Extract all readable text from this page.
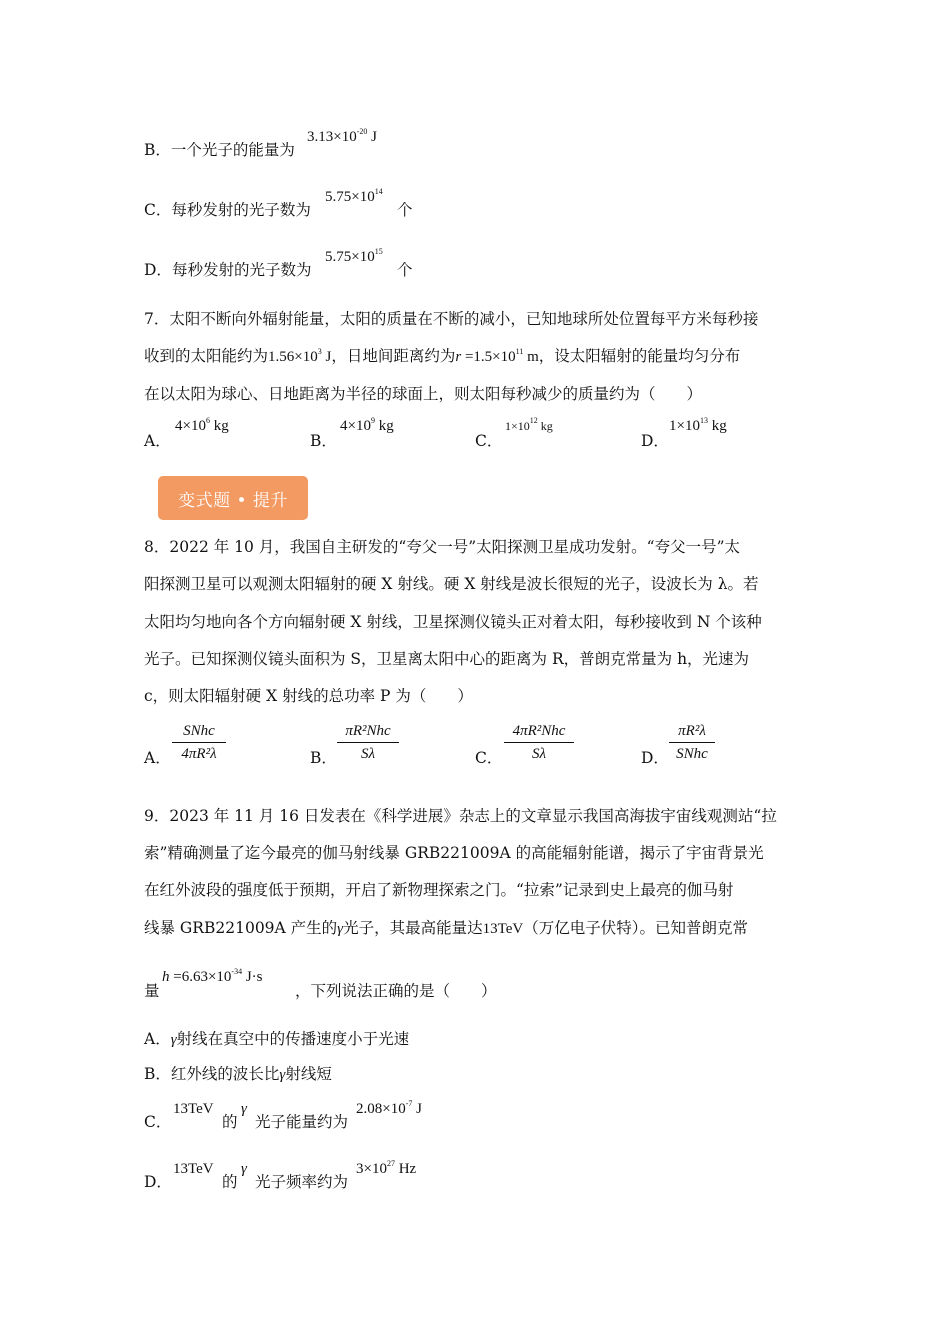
B．一个光子的能量为
$3.13\times 10^{-20}$ J
C．每秒发射的光子数为
$5.75\times 10^{14}$
个
D．每秒发射的光子数为
$5.75\times 10^{15}$
个
7．太阳不断向外辐射能量，太阳的质量在不断的减小，已知地球所处位置每平方米每秒接
收到的太阳能约为$1.56\times 10^3$ J，日地间距离约为$r =1.5\times 10^{11}$ m，设太阳辐射的能量均匀分布
在以太阳为球心、日地距离为半径的球面上，则太阳每秒减少的质量约为（　　）
A．
$4\times 10^6$ kg
B．
$4\times 10^9$ kg
C．
$1\times 10^{12}$ kg
D．
$1\times 10^{13}$ kg
变式题 • 提升
8．2022 年 10 月，我国自主研发的“夸父一号”太阳探测卫星成功发射。“夸父一号”太
阳探测卫星可以观测太阳辐射的硬 X 射线。硬 X 射线是波长很短的光子，设波长为 λ。若
太阳均匀地向各个方向辐射硬 X 射线，卫星探测仪镜头正对着太阳，每秒接收到 N 个该种
光子。已知探测仪镜头面积为 S，卫星离太阳中心的距离为 R，普朗克常量为 h，光速为
c，则太阳辐射硬 X 射线的总功率 P 为（　　）
A．
SNhc
4πR²λ	B．
πR²Nhc
Sλ	C．
4πR²Nhc
Sλ	D．
πR²λ
SNhc
9．2023 年 11 月 16 日发表在《科学进展》杂志上的文章显示我国高海拔宇宙线观测站“拉
索”精确测量了迄今最亮的伽马射线暴 GRB221009A 的高能辐射能谱，揭示了宇宙背景光
在红外波段的强度低于预期，开启了新物理探索之门。“拉索”记录到史上最亮的伽马射
线暴 GRB221009A 产生的γ光子，其最高能量达13TeV（万亿电子伏特）。已知普朗克常
量
$h =6.63\times 10^{-34}$ J·s
，下列说法正确的是（　　）
A．γ射线在真空中的传播速度小于光速
B．红外线的波长比γ射线短
C．
13TeV
的
γ
光子能量约为
$2.08\times 10^{-7}$ J
D．
13TeV
的
γ
光子频率约为
$3\times 10^{27}$ Hz
